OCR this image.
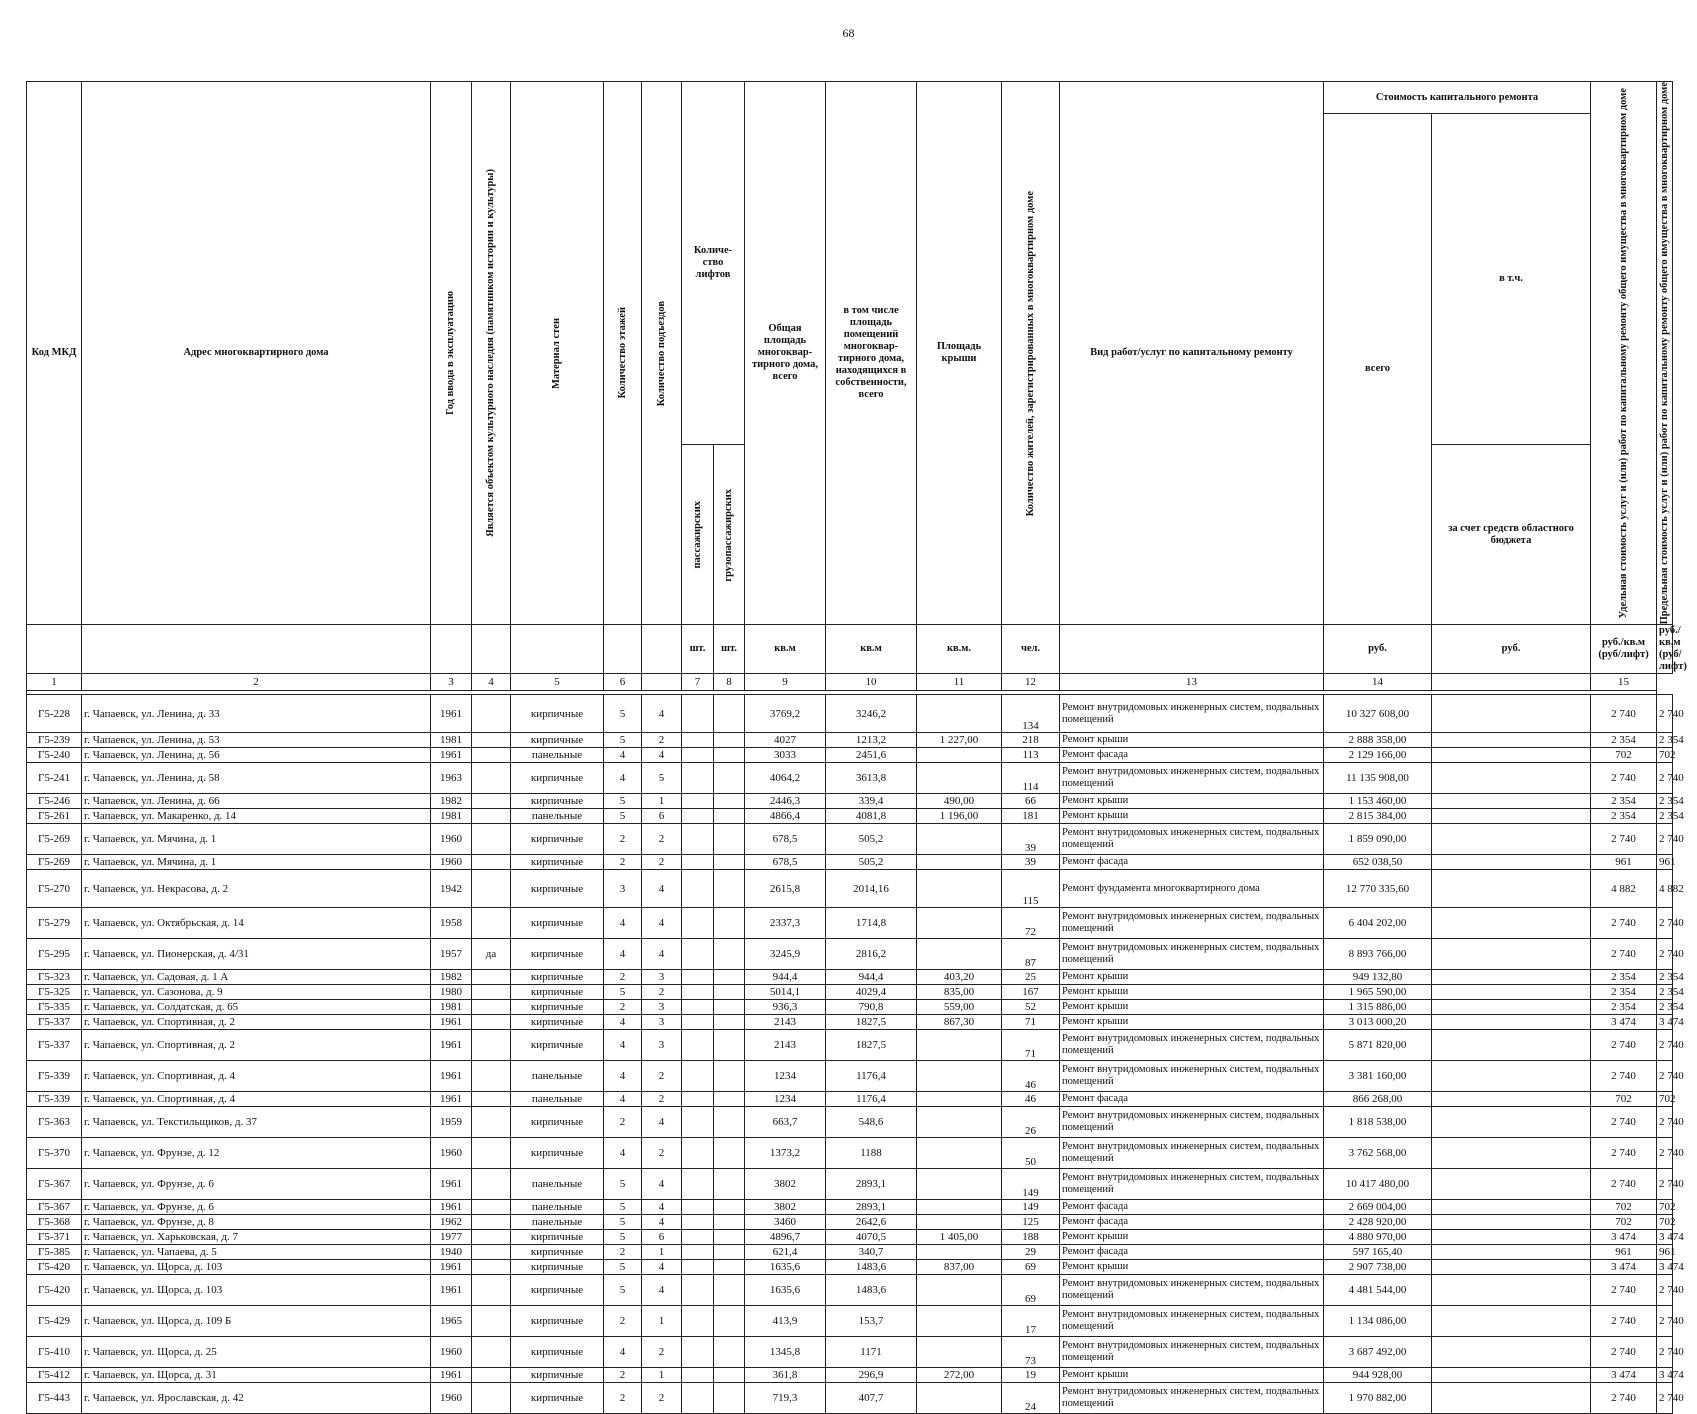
68
Код МКД	Адрес многоквартирного дома	Год ввода в эксплуатацию	Является объектом культурного наследия (памятником истории и культуры)	Материал стен	Количество этажей	Количество подъездов	Количе-ство лифтов		Общая площадь многоквар-тирного дома, всего	в том числе площадь помещений многоквар-тирного дома, находящихся в собственности, всего	Площадь крыши	Количество жителей, зарегистрированных в многоквартирном доме	Вид работ/услуг по капитальному ремонту	Стоимость капитального ремонта		Удельная стоимость услуг и (или) работ по капитальному ремонту общего имущества в многоквартирном доме	Предельная стоимость услуг и (или) работ по капитальному ремонту общего имущества в многоквартирном доме

														всего	в т.ч.		

							пассажирских	грузопассажирских							за счет средств областного бюджета		
							шт.	шт.	кв.м	кв.м	кв.м.	чел.		руб.	руб.	руб./кв.м (руб/лифт)	руб./кв.м (руб/лифт)
1	2	3	4	5	6		7	8	9	10	11	12	13	14		15	

Г5-228	г. Чапаевск, ул. Ленина, д. 33	1961		кирпичные	5	4			3769,2	3246,2		134	Ремонт внутридомовых инженерных систем, подвальных помещений	10 327 608,00		2 740	2 740
Г5-239	г. Чапаевск, ул. Ленина, д. 53	1981		кирпичные	5	2			4027	1213,2	1 227,00	218	Ремонт крыши	2 888 358,00		2 354	2 354
Г5-240	г. Чапаевск, ул. Ленина, д. 56	1961		панельные	4	4			3033	2451,6		113	Ремонт фасада	2 129 166,00		702	702
Г5-241	г. Чапаевск, ул. Ленина, д. 58	1963		кирпичные	4	5			4064,2	3613,8		114	Ремонт внутридомовых инженерных систем, подвальных помещений	11 135 908,00		2 740	2 740
Г5-246	г. Чапаевск, ул. Ленина, д. 66	1982		кирпичные	5	1			2446,3	339,4	490,00	66	Ремонт крыши	1 153 460,00		2 354	2 354
Г5-261	г. Чапаевск, ул. Макаренко, д. 14	1981		панельные	5	6			4866,4	4081,8	1 196,00	181	Ремонт крыши	2 815 384,00		2 354	2 354
Г5-269	г. Чапаевск, ул. Мячина, д. 1	1960		кирпичные	2	2			678,5	505,2		39	Ремонт внутридомовых инженерных систем, подвальных помещений	1 859 090,00		2 740	2 740
Г5-269	г. Чапаевск, ул. Мячина, д. 1	1960		кирпичные	2	2			678,5	505,2		39	Ремонт фасада	652 038,50		961	961
Г5-270	г. Чапаевск, ул. Некрасова, д. 2	1942		кирпичные	3	4			2615,8	2014,16		115	Ремонт фундамента многоквартирного дома	12 770 335,60		4 882	4 882
Г5-279	г. Чапаевск, ул. Октябрьская, д. 14	1958		кирпичные	4	4			2337,3	1714,8		72	Ремонт внутридомовых инженерных систем, подвальных помещений	6 404 202,00		2 740	2 740
Г5-295	г. Чапаевск, ул. Пионерская, д. 4/31	1957	да	кирпичные	4	4			3245,9	2816,2		87	Ремонт внутридомовых инженерных систем, подвальных помещений	8 893 766,00		2 740	2 740
Г5-323	г. Чапаевск, ул. Садовая, д. 1 А	1982		кирпичные	2	3			944,4	944,4	403,20	25	Ремонт крыши	949 132,80		2 354	2 354
Г5-325	г. Чапаевск, ул. Сазонова, д. 9	1980		кирпичные	5	2			5014,1	4029,4	835,00	167	Ремонт крыши	1 965 590,00		2 354	2 354
Г5-335	г. Чапаевск, ул. Солдатская, д. 65	1981		кирпичные	2	3			936,3	790,8	559,00	52	Ремонт крыши	1 315 886,00		2 354	2 354
Г5-337	г. Чапаевск, ул. Спортивная, д. 2	1961		кирпичные	4	3			2143	1827,5	867,30	71	Ремонт крыши	3 013 000,20		3 474	3 474
Г5-337	г. Чапаевск, ул. Спортивная, д. 2	1961		кирпичные	4	3			2143	1827,5		71	Ремонт внутридомовых инженерных систем, подвальных помещений	5 871 820,00		2 740	2 740
Г5-339	г. Чапаевск, ул. Спортивная, д. 4	1961		панельные	4	2			1234	1176,4		46	Ремонт внутридомовых инженерных систем, подвальных помещений	3 381 160,00		2 740	2 740
Г5-339	г. Чапаевск, ул. Спортивная, д. 4	1961		панельные	4	2			1234	1176,4		46	Ремонт фасада	866 268,00		702	702
Г5-363	г. Чапаевск, ул. Текстильщиков, д. 37	1959		кирпичные	2	4			663,7	548,6		26	Ремонт внутридомовых инженерных систем, подвальных помещений	1 818 538,00		2 740	2 740
Г5-370	г. Чапаевск, ул. Фрунзе, д. 12	1960		кирпичные	4	2			1373,2	1188		50	Ремонт внутридомовых инженерных систем, подвальных помещений	3 762 568,00		2 740	2 740
Г5-367	г. Чапаевск, ул. Фрунзе, д. 6	1961		панельные	5	4			3802	2893,1		149	Ремонт внутридомовых инженерных систем, подвальных помещений	10 417 480,00		2 740	2 740
Г5-367	г. Чапаевск, ул. Фрунзе, д. 6	1961		панельные	5	4			3802	2893,1		149	Ремонт фасада	2 669 004,00		702	702
Г5-368	г. Чапаевск, ул. Фрунзе, д. 8	1962		панельные	5	4			3460	2642,6		125	Ремонт фасада	2 428 920,00		702	702
Г5-371	г. Чапаевск, ул. Харьковская, д. 7	1977		кирпичные	5	6			4896,7	4070,5	1 405,00	188	Ремонт крыши	4 880 970,00		3 474	3 474
Г5-385	г. Чапаевск, ул. Чапаева, д. 5	1940		кирпичные	2	1			621,4	340,7		29	Ремонт фасада	597 165,40		961	961
Г5-420	г. Чапаевск, ул. Щорса, д. 103	1961		кирпичные	5	4			1635,6	1483,6	837,00	69	Ремонт крыши	2 907 738,00		3 474	3 474
Г5-420	г. Чапаевск, ул. Щорса, д. 103	1961		кирпичные	5	4			1635,6	1483,6		69	Ремонт внутридомовых инженерных систем, подвальных помещений	4 481 544,00		2 740	2 740
Г5-429	г. Чапаевск, ул. Щорса, д. 109 Б	1965		кирпичные	2	1			413,9	153,7		17	Ремонт внутридомовых инженерных систем, подвальных помещений	1 134 086,00		2 740	2 740
Г5-410	г. Чапаевск, ул. Щорса, д. 25	1960		кирпичные	4	2			1345,8	1171		73	Ремонт внутридомовых инженерных систем, подвальных помещений	3 687 492,00		2 740	2 740
Г5-412	г. Чапаевск, ул. Щорса, д. 31	1961		кирпичные	2	1			361,8	296,9	272,00	19	Ремонт крыши	944 928,00		3 474	3 474
Г5-443	г. Чапаевск, ул. Ярославская, д. 42	1960		кирпичные	2	2			719,3	407,7		24	Ремонт внутридомовых инженерных систем, подвальных помещений	1 970 882,00		2 740	2 740
